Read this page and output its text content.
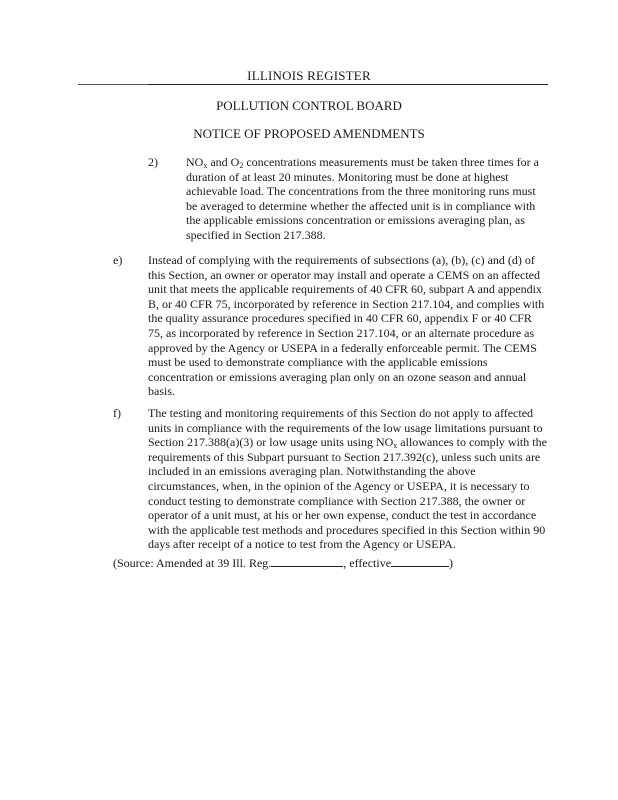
ILLINOIS REGISTER
POLLUTION CONTROL BOARD
NOTICE OF PROPOSED AMENDMENTS
2) $NO_x$ and $O_2$ concentrations measurements must be taken three times for a duration of at least 20 minutes. Monitoring must be done at highest achievable load. The concentrations from the three monitoring runs must be averaged to determine whether the affected unit is in compliance with the applicable emissions concentration or emissions averaging plan, as specified in Section 217.388.
e) Instead of complying with the requirements of subsections (a), (b), (c) and (d) of this Section, an owner or operator may install and operate a CEMS on an affected unit that meets the applicable requirements of 40 CFR 60, subpart A and appendix B, or 40 CFR 75, incorporated by reference in Section 217.104, and complies with the quality assurance procedures specified in 40 CFR 60, appendix F or 40 CFR 75, as incorporated by reference in Section 217.104, or an alternate procedure as approved by the Agency or USEPA in a federally enforceable permit. The CEMS must be used to demonstrate compliance with the applicable emissions concentration or emissions averaging plan only on an ozone season and annual basis.
f) The testing and monitoring requirements of this Section do not apply to affected units in compliance with the requirements of the low usage limitations pursuant to Section 217.388(a)(3) or low usage units using $NO_x$ allowances to comply with the requirements of this Subpart pursuant to Section 217.392(c), unless such units are included in an emissions averaging plan. Notwithstanding the above circumstances, when, in the opinion of the Agency or USEPA, it is necessary to conduct testing to demonstrate compliance with Section 217.388, the owner or operator of a unit must, at his or her own expense, conduct the test in accordance with the applicable test methods and procedures specified in this Section within 90 days after receipt of a notice to test from the Agency or USEPA.
(Source: Amended at 39 Ill. Reg.	, effective	)
